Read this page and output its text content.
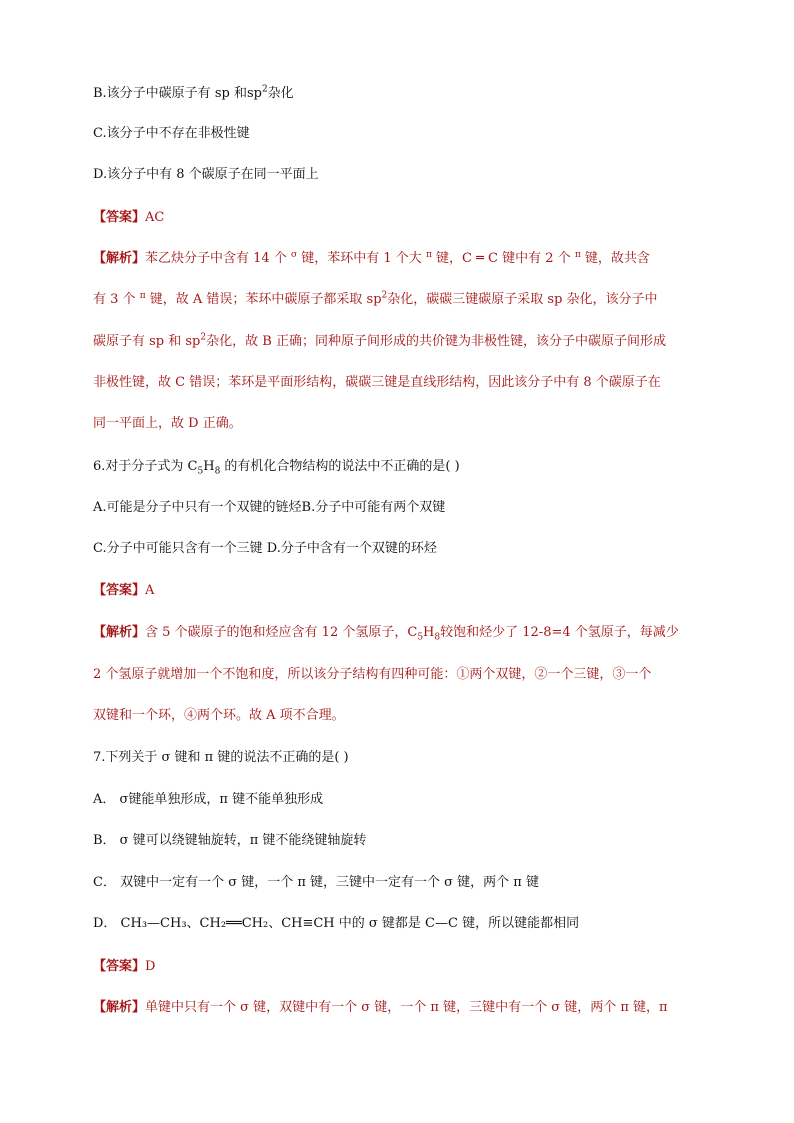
B.该分子中碳原子有 sp 和$sp^2$杂化
C.该分子中不存在非极性键
D.该分子中有 8 个碳原子在同一平面上
【答案】AC
【解析】苯乙炔分子中含有 14 个 $^\sigma$ 键，苯环中有 1 个大 $^\pi$ 键，C ═ C 键中有 2 个 $^\pi$ 键，故共含
有 3 个 $^\pi$ 键，故 A 错误；苯环中碳原子都采取 $sp^2$杂化，碳碳三键碳原子采取 sp 杂化，该分子中
碳原子有 sp 和 $sp^2$杂化，故 B 正确；同种原子间形成的共价键为非极性键，该分子中碳原子间形成
非极性键，故 C 错误；苯环是平面形结构，碳碳三键是直线形结构，因此该分子中有 8 个碳原子在
同一平面上，故 D 正确。
6.对于分子式为 $C_5H_8$ 的有机化合物结构的说法中不正确的是( )
A.可能是分子中只有一个双键的链烃B.分子中可能有两个双键
C.分子中可能只含有一个三键 D.分子中含有一个双键的环烃
【答案】A
【解析】含 5 个碳原子的饱和烃应含有 12 个氢原子，$C_5H_8$较饱和烃少了 12-8=4 个氢原子，每减少
2 个氢原子就增加一个不饱和度，所以该分子结构有四种可能：①两个双键，②一个三键，③一个
双键和一个环，④两个环。故 A 项不合理。
7.下列关于 σ 键和 π 键的说法不正确的是( )
A． σ键能单独形成，π 键不能单独形成
B． σ 键可以绕键轴旋转，π 键不能绕键轴旋转
C． 双键中一定有一个 σ 键，一个 π 键，三键中一定有一个 σ 键，两个 π 键
D． CH₃—CH₃、CH₂══CH₂、CH≡CH 中的 σ 键都是 C—C 键，所以键能都相同
【答案】D
【解析】单键中只有一个 σ 键，双键中有一个 σ 键，一个 π 键，三键中有一个 σ 键，两个 π 键，π
